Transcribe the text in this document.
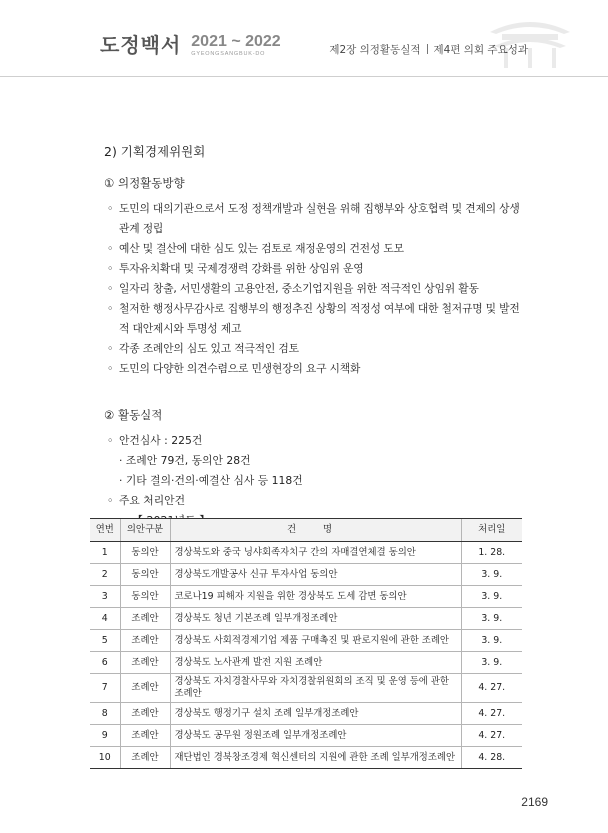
도정백서 2021 ~ 2022
GYEONGSANGBUK-DO	제2장 의정활동실적 제4편 의회 주요성과
2) 기획경제위원회
① 의정활동방향
◦ 도민의 대의기관으로서 도정 정책개발과 실현을 위해 집행부와 상호협력 및 견제의 상생관계 정립
◦ 예산 및 결산에 대한 심도 있는 검토로 재정운영의 건전성 도모
◦ 투자유치확대 및 국제경쟁력 강화를 위한 상임위 운영
◦ 일자리 창출, 서민생활의 고용안전, 중소기업지원을 위한 적극적인 상임위 활동
◦ 철저한 행정사무감사로 집행부의 행정추진 상황의 적정성 여부에 대한 철저규명 및 발전적 대안제시와 투명성 제고
◦ 각종 조례안의 심도 있고 적극적인 검토
◦ 도민의 다양한 의견수렴으로 민생현장의 요구 시책화
② 활동실적
◦ 안건심사 : 225건
· 조례안 79건, 동의안 28건
· 기타 결의·건의·예결산 심사 등 118건
◦ 주요 처리안건
연번	의안구분	건 명	처리일
1	동의안	경상북도와 중국 닝샤회족자치구 간의 자매결연체결 동의안	1. 28.
2	동의안	경상북도개발공사 신규 투자사업 동의안	3. 9.
3	동의안	코로나19 피해자 지원을 위한 경상북도 도세 감면 동의안	3. 9.
4	조례안	경상북도 청년 기본조례 일부개정조례안	3. 9.
5	조례안	경상북도 사회적경제기업 제품 구매촉진 및 판로지원에 관한 조례안	3. 9.
6	조례안	경상북도 노사관계 발전 지원 조례안	3. 9.
7	조례안	경상북도 자치경찰사무와 자치경찰위원회의 조직 및 운영 등에 관한 조례안	4. 27.
8	조례안	경상북도 행정기구 설치 조례 일부개정조례안	4. 27.
9	조례안	경상북도 공무원 정원조례 일부개정조례안	4. 27.
10	조례안	재단법인 경북창조경제 혁신센터의 지원에 관한 조례 일부개정조례안	4. 28.
2169
